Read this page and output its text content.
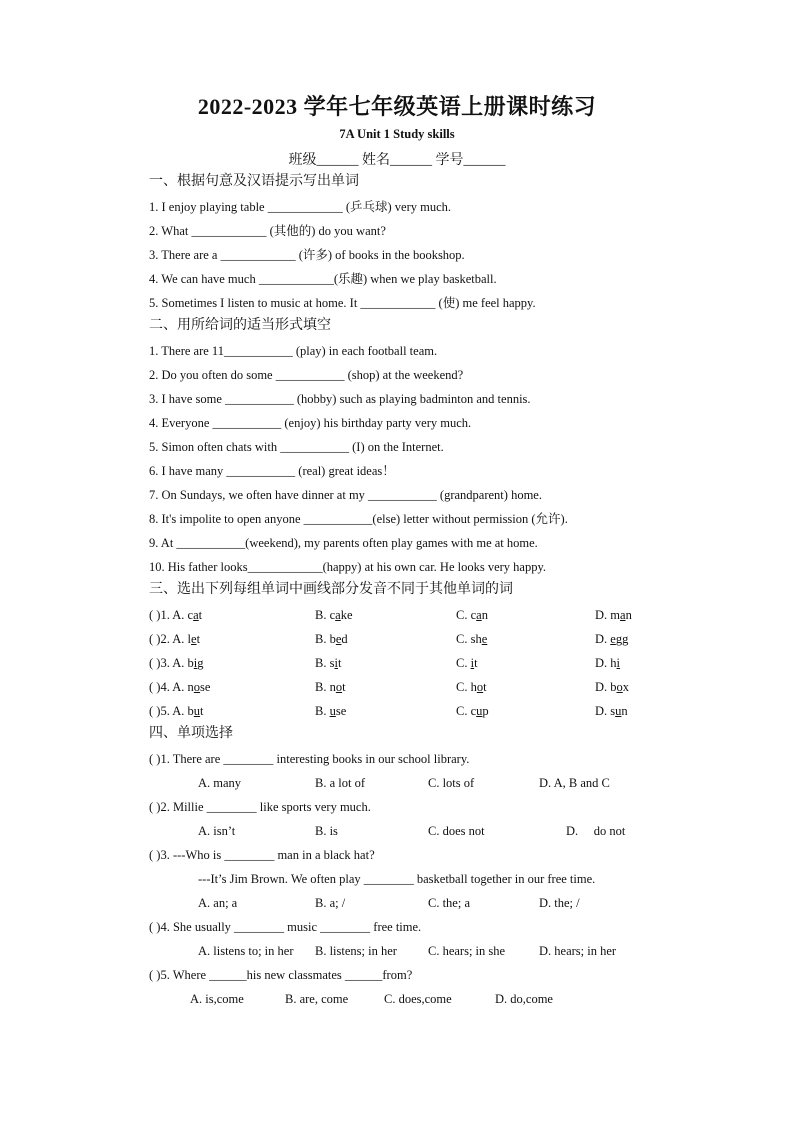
2022-2023 学年七年级英语上册课时练习
7A Unit 1 Study skills
班级______ 姓名______ 学号______
一、根据句意及汉语提示写出单词
1. I enjoy playing table ____________ (乒乓球) very much.
2. What ____________ (其他的) do you want?
3. There are a ____________ (许多) of books in the bookshop.
4. We can have much ____________(乐趣) when we play basketball.
5. Sometimes I listen to music at home. It ____________ (使) me feel happy.
二、用所给词的适当形式填空
1. There are 11___________ (play) in each football team.
2. Do you often do some ___________ (shop) at the weekend?
3. I have some ___________ (hobby) such as playing badminton and tennis.
4. Everyone ___________ (enjoy) his birthday party very much.
5. Simon often chats with ___________ (I) on the Internet.
6. I have many ___________ (real) great ideas！
7. On Sundays, we often have dinner at my ___________ (grandparent) home.
8. It's impolite to open anyone ___________(else) letter without permission (允许).
9. At ___________(weekend), my parents often play games with me at home.
10. His father looks____________(happy) at his own car. He looks very happy.
三、选出下列每组单词中画线部分发音不同于其他单词的词
( )1. A. cat	B. cake	C. can	D. man
( )2. A. let	B. bed	C. she	D. egg
( )3. A. big	B. sit	C. it	D. hi
( )4. A. nose	B. not	C. hot	D. box
( )5. A. but	B. use	C. cup	D. sun
四、单项选择
( )1. There are ________ interesting books in our school library.
A. many	B. a lot of	C. lots of	D. A, B and C
( )2. Millie ________ like sports very much.
A. isn’t	B. is	C. does not	D.     do not
( )3. ---Who is ________ man in a black hat?
---It’s Jim Brown. We often play ________ basketball together in our free time.
A. an; a	B. a; /	C. the; a	D. the; /
( )4. She usually ________ music ________ free time.
A. listens to; in her B. listens; in her C. hears; in she	D. hears; in her
( )5. Where ______his new classmates ______from?
A. is,come	B. are, come	C. does,come	D. do,come
